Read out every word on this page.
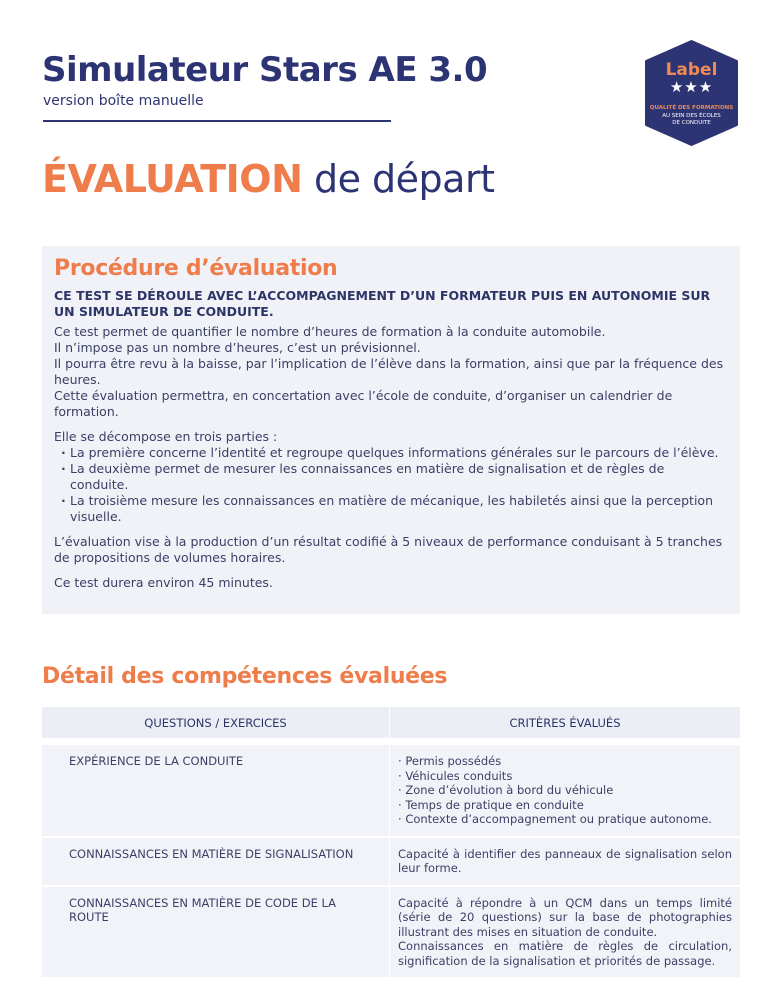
Simulateur Stars AE 3.0
version boîte manuelle
Label
★★★
QUALITÉ DES FORMATIONS
AU SEIN DES ÉCOLES
DE CONDUITE
ÉVALUATION de départ
Procédure d’évaluation
CE TEST SE DÉROULE AVEC L’ACCOMPAGNEMENT D’UN FORMATEUR PUIS EN AUTONOMIE SUR UN SIMULATEUR DE CONDUITE.

Ce test permet de quantifier le nombre d’heures de formation à la conduite automobile.

Il n’impose pas un nombre d’heures, c’est un prévisionnel.

Il pourra être revu à la baisse, par l’implication de l’élève dans la formation, ainsi que par la fréquence des heures.

Cette évaluation permettra, en concertation avec l’école de conduite, d’organiser un calendrier de formation.

Elle se décompose en trois parties :

· La première concerne l’identité et regroupe quelques informations générales sur le parcours de l’élève.
· La deuxième permet de mesurer les connaissances en matière de signalisation et de règles de conduite.
· La troisième mesure les connaissances en matière de mécanique, les habiletés ainsi que la perception visuelle.

L’évaluation vise à la production d’un résultat codifié à 5 niveaux de performance conduisant à 5 tranches de propositions de volumes horaires.

Ce test durera environ 45 minutes.

Détail des compétences évaluées
QUESTIONS / EXERCICES	CRITÈRES ÉVALUÉS
EXPÉRIENCE DE LA CONDUITE
·	Permis possédés
· Véhicules conduits
· Zone d’évolution à bord du véhicule
· Temps de pratique en conduite
· Contexte d’accompagnement ou pratique autonome.
CONNAISSANCES EN MATIÈRE DE SIGNALISATION	Capacité à identifier des panneaux de signalisation selon leur forme.
CONNAISSANCES EN MATIÈRE DE CODE DE LA ROUTE
Capacité à répondre à un QCM dans un temps limité (série de 20 questions) sur la base de photographies illustrant des mises en situation de conduite.
Connaissances en matière de règles de circulation, signification de la signalisation et priorités de passage.
